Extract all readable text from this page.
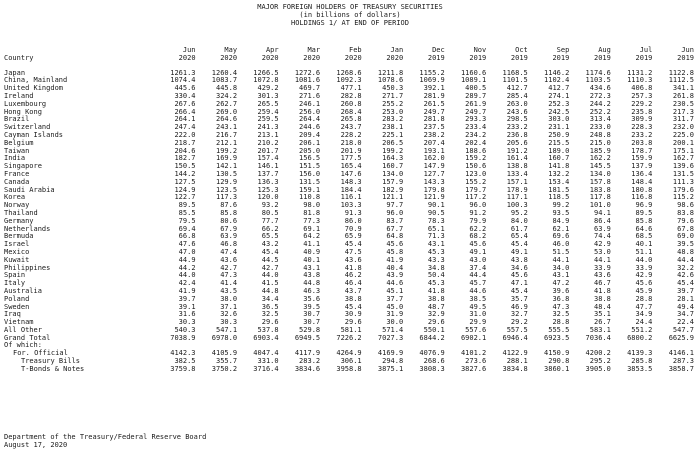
MAJOR FOREIGN HOLDERS OF TREASURY SECURITIES
(in billions of dollars)
HOLDINGS 1/ AT END OF PERIOD
	Jun	May	Apr	Mar	Feb	Jan	Dec	Nov	Oct	Sep	Aug	Jul	Jun
Country	2020	2020	2020	2020	2020	2020	2019	2019	2019	2019	2019	2019	2019
Japan	1261.3	1260.4	1266.5	1272.6	1268.6	1211.8	1155.2	1160.6	1168.5	1146.2	1174.6	1131.2	1122.8
China, Mainland	1074.4	1083.7	1072.8	1081.6	1092.3	1078.6	1069.9	1089.1	1101.5	1102.4	1103.5	1110.3	1112.5
United Kingdom	445.6	445.8	429.2	469.7	477.1	450.3	392.1	400.5	412.7	412.7	434.6	406.8	341.1
Ireland	330.4	324.2	301.3	271.6	282.8	271.7	281.9	289.7	285.4	274.1	272.3	257.3	261.8
Luxembourg	267.6	262.7	265.5	246.1	260.8	255.2	261.5	261.9	263.0	252.3	244.2	229.2	230.5
Hong Kong	266.4	269.0	259.4	256.0	268.4	253.0	249.7	249.7	243.6	242.5	252.2	235.8	217.3
Brazil	264.1	264.6	259.5	264.4	265.8	283.2	281.8	293.3	298.5	303.0	313.4	309.9	311.7
Switzerland	247.4	243.1	241.3	244.6	243.7	238.1	237.5	233.4	233.2	231.1	233.0	228.3	232.0
Cayman Islands	222.0	216.7	213.1	209.4	228.2	225.1	238.2	234.2	236.8	250.9	248.8	233.2	225.0
Belgium	218.7	212.1	210.2	206.1	218.0	206.5	207.4	202.4	205.6	215.5	215.0	203.8	200.1
Taiwan	204.6	199.2	201.7	205.0	201.9	199.2	193.1	188.6	191.2	189.0	185.9	178.7	175.1
India	182.7	169.9	157.4	156.5	177.5	164.3	162.0	159.2	161.4	160.7	162.2	159.9	162.7
Singapore	150.5	142.1	146.1	151.5	165.4	160.7	147.9	150.6	138.8	141.8	145.5	137.9	139.6
France	144.2	130.5	137.7	156.0	147.6	134.0	127.7	123.0	133.4	132.2	134.0	136.4	131.5
Canada	127.5	129.9	136.3	131.5	148.3	157.9	143.3	155.2	157.1	153.4	157.8	148.4	111.3
Saudi Arabia	124.9	123.5	125.3	159.1	184.4	182.9	179.8	179.7	178.9	181.5	183.8	180.8	179.6
Korea	122.7	117.3	120.0	110.8	116.1	121.1	121.9	117.2	117.1	118.5	117.8	116.8	115.2
Norway	89.5	87.6	93.2	98.0	103.3	97.7	90.1	96.0	100.3	99.2	101.0	96.9	98.6
Thailand	85.5	85.8	80.5	81.8	91.3	96.0	90.5	91.2	95.2	93.5	94.1	89.5	83.8
Germany	79.5	80.6	77.7	77.3	86.0	83.7	78.3	79.9	84.0	84.9	86.4	85.8	79.6
Netherlands	69.4	67.9	66.2	69.1	70.9	67.7	65.1	62.2	61.7	62.1	63.9	64.6	67.8
Bermuda	66.8	63.9	65.5	64.2	65.9	64.8	71.3	68.2	65.4	69.6	74.4	68.5	69.0
Israel	47.6	46.8	43.2	41.1	45.4	45.6	43.1	45.6	45.4	46.0	42.9	40.1	39.5
Mexico	47.0	47.4	45.4	40.9	47.5	45.8	45.3	49.1	49.1	51.5	53.0	51.1	48.8
Kuwait	44.9	43.6	44.5	40.1	43.6	41.9	43.3	43.0	43.8	44.1	44.1	44.0	44.4
Philippines	44.2	42.7	42.7	43.1	41.8	40.4	34.8	37.4	34.6	34.0	33.9	33.9	32.2
Spain	44.0	47.3	44.0	43.8	46.2	43.9	50.4	44.4	45.6	43.1	43.6	42.9	42.6
Italy	42.4	41.4	41.5	44.8	46.4	44.6	45.3	45.7	47.1	47.2	46.7	45.6	45.4
Australia	41.9	43.5	44.8	46.3	43.7	45.1	41.8	44.6	45.4	39.6	41.8	45.9	39.7
Poland	39.7	38.0	34.4	35.6	38.8	37.7	38.8	38.5	35.7	36.8	38.8	28.8	28.1
Sweden	39.1	37.1	36.5	39.5	45.4	45.0	48.7	49.5	46.9	47.3	48.4	47.7	49.4
Iraq	31.6	32.6	32.5	30.7	30.9	31.9	32.9	31.0	32.7	32.5	35.1	34.9	34.7
Vietnam	30.3	30.3	29.6	30.7	29.6	30.0	29.6	29.9	29.2	28.8	26.7	24.4	22.4
All Other	540.3	547.1	537.8	529.8	581.1	571.4	550.1	557.6	557.5	555.5	583.1	551.2	547.7
Grand Total	7038.9	6978.0	6903.4	6949.5	7226.2	7027.3	6844.2	6902.1	6946.4	6923.5	7036.4	6800.2	6625.9
Of which:													
For. Official	4142.3	4105.9	4047.4	4117.9	4264.9	4169.9	4076.9	4101.2	4122.9	4150.9	4200.2	4139.3	4146.1
Treasury Bills	382.5	355.7	331.0	283.2	306.1	294.8	268.6	273.6	288.1	290.8	295.2	285.8	287.3
T-Bonds & Notes	3759.8	3750.2	3716.4	3834.6	3958.8	3875.1	3808.3	3827.6	3834.8	3860.1	3905.0	3853.5	3858.7
Department of the Treasury/Federal Reserve Board
August 17, 2020
